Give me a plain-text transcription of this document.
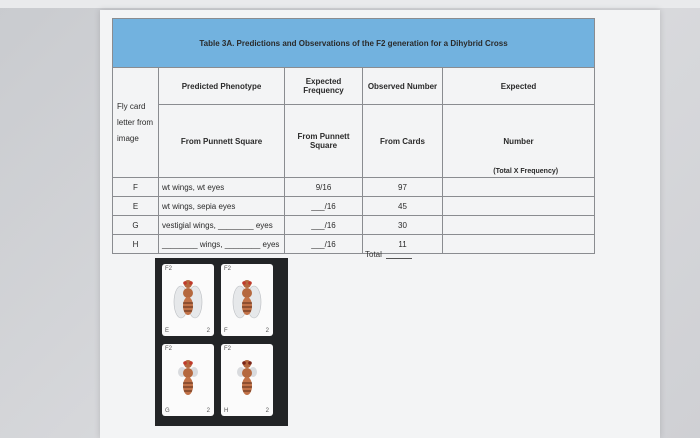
Table 3A. Predictions and Observations of the F2 generation for a Dihybrid Cross				
Fly card letter from image	Predicted Phenotype	Expected Frequency	Observed Number	Expected
	From Punnett Square	From Punnett Square	From Cards	Number
(Total X Frequency)

F	wt wings, wt eyes	9/16	97	
E	wt wings, sepia eyes	___/16	45	
G	vestigial wings, ________ eyes	___/16	30	
H	________ wings, ________ eyes	___/16	11	
Total
F2
E	2
F2
F	2
F2
G	2
F2
H	2
